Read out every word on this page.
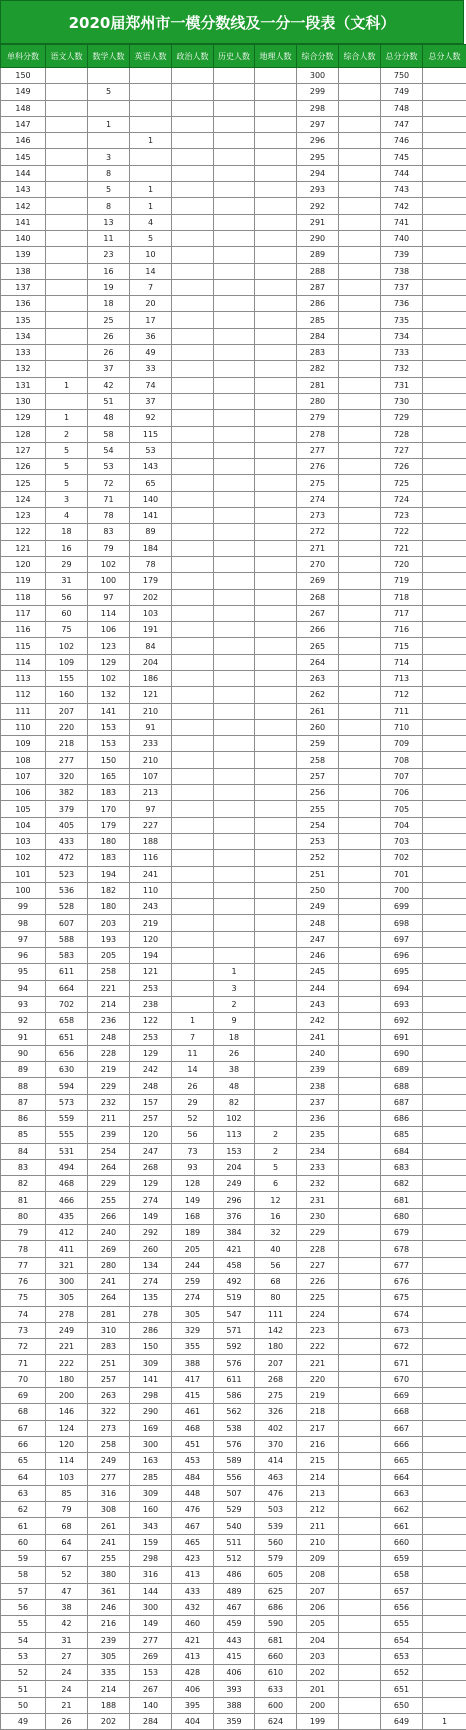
2020届郑州市一模分数线及一分一段表（文科）
单科分数	语文人数	数学人数	英语人数	政治人数	历史人数	地理人数	综合分数	综合人数	总分分数	总分人数
150							300		750	
149		5					299		749	
148							298		748	
147		1					297		747	
146			1				296		746	
145		3					295		745	
144		8					294		744	
143		5	1				293		743	
142		8	1				292		742	
141		13	4				291		741	
140		11	5				290		740	
139		23	10				289		739	
138		16	14				288		738	
137		19	7				287		737	
136		18	20				286		736	
135		25	17				285		735	
134		26	36				284		734	
133		26	49				283		733	
132		37	33				282		732	
131	1	42	74				281		731	
130		51	37				280		730	
129	1	48	92				279		729	
128	2	58	115				278		728	
127	5	54	53				277		727	
126	5	53	143				276		726	
125	5	72	65				275		725	
124	3	71	140				274		724	
123	4	78	141				273		723	
122	18	83	89				272		722	
121	16	79	184				271		721	
120	29	102	78				270		720	
119	31	100	179				269		719	
118	56	97	202				268		718	
117	60	114	103				267		717	
116	75	106	191				266		716	
115	102	123	84				265		715	
114	109	129	204				264		714	
113	155	102	186				263		713	
112	160	132	121				262		712	
111	207	141	210				261		711	
110	220	153	91				260		710	
109	218	153	233				259		709	
108	277	150	210				258		708	
107	320	165	107				257		707	
106	382	183	213				256		706	
105	379	170	97				255		705	
104	405	179	227				254		704	
103	433	180	188				253		703	
102	472	183	116				252		702	
101	523	194	241				251		701	
100	536	182	110				250		700	
99	528	180	243				249		699	
98	607	203	219				248		698	
97	588	193	120				247		697	
96	583	205	194				246		696	
95	611	258	121		1		245		695	
94	664	221	253		3		244		694	
93	702	214	238		2		243		693	
92	658	236	122	1	9		242		692	
91	651	248	253	7	18		241		691	
90	656	228	129	11	26		240		690	
89	630	219	242	14	38		239		689	
88	594	229	248	26	48		238		688	
87	573	232	157	29	82		237		687	
86	559	211	257	52	102		236		686	
85	555	239	120	56	113	2	235		685	
84	531	254	247	73	153	2	234		684	
83	494	264	268	93	204	5	233		683	
82	468	229	129	128	249	6	232		682	
81	466	255	274	149	296	12	231		681	
80	435	266	149	168	376	16	230		680	
79	412	240	292	189	384	32	229		679	
78	411	269	260	205	421	40	228		678	
77	321	280	134	244	458	56	227		677	
76	300	241	274	259	492	68	226		676	
75	305	264	135	274	519	80	225		675	
74	278	281	278	305	547	111	224		674	
73	249	310	286	329	571	142	223		673	
72	221	283	150	355	592	180	222		672	
71	222	251	309	388	576	207	221		671	
70	180	257	141	417	611	268	220		670	
69	200	263	298	415	586	275	219		669	
68	146	322	290	461	562	326	218		668	
67	124	273	169	468	538	402	217		667	
66	120	258	300	451	576	370	216		666	
65	114	249	163	453	589	414	215		665	
64	103	277	285	484	556	463	214		664	
63	85	316	309	448	507	476	213		663	
62	79	308	160	476	529	503	212		662	
61	68	261	343	467	540	539	211		661	
60	64	241	159	465	511	560	210		660	
59	67	255	298	423	512	579	209		659	
58	52	380	316	413	486	605	208		658	
57	47	361	144	433	489	625	207		657	
56	38	246	300	432	467	686	206		656	
55	42	216	149	460	459	590	205		655	
54	31	239	277	421	443	681	204		654	
53	27	305	269	413	415	660	203		653	
52	24	335	153	428	406	610	202		652	
51	24	214	267	406	393	633	201		651	
50	21	188	140	395	388	600	200		650	
49	26	202	284	404	359	624	199		649	1
